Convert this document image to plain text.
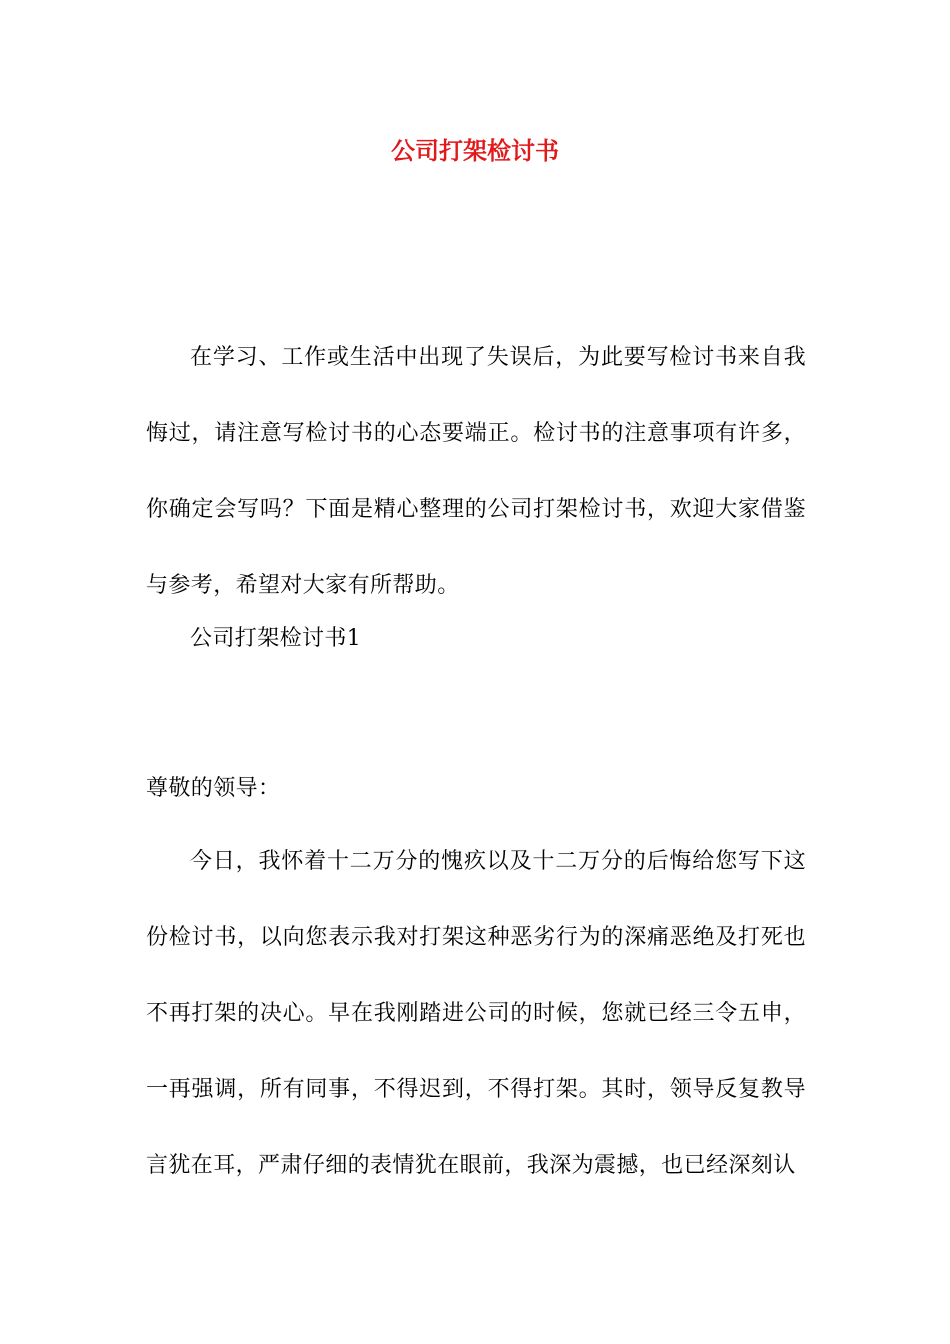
公司打架检讨书
在学习、工作或生活中出现了失误后，为此要写检讨书来自我悔过，请注意写检讨书的心态要端正。检讨书的注意事项有许多，你确定会写吗？下面是精心整理的公司打架检讨书，欢迎大家借鉴与参考，希望对大家有所帮助。
公司打架检讨书1
尊敬的领导：
今日，我怀着十二万分的愧疚以及十二万分的后悔给您写下这份检讨书，以向您表示我对打架这种恶劣行为的深痛恶绝及打死也不再打架的决心。早在我刚踏进公司的时候，您就已经三令五申，一再强调，所有同事，不得迟到，不得打架。其时，领导反复教导言犹在耳，严肃仔细的表情犹在眼前，我深为震撼，也已经深刻认
